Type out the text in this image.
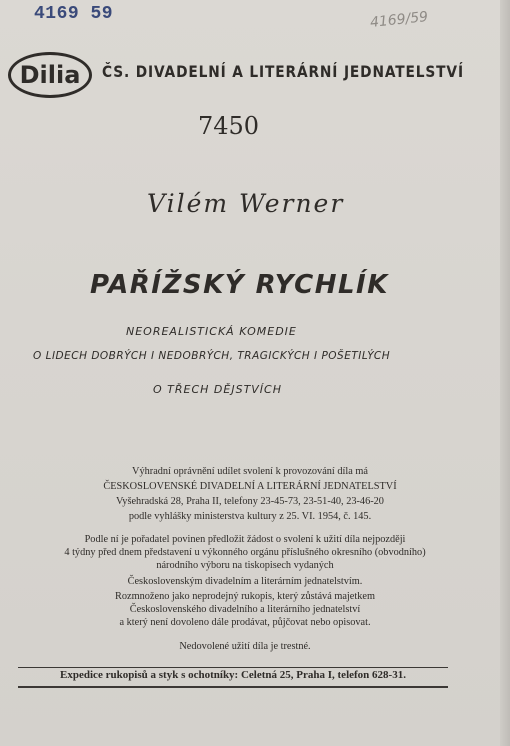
4169 59	4169/59
Dilia ČS. DIVADELNÍ A LITERÁRNÍ JEDNATELSTVÍ
7450
Vilém Werner
PAŘÍŽSKÝ RYCHLÍK
NEOREALISTICKÁ KOMEDIE
O LIDECH DOBRÝCH I NEDOBRÝCH, TRAGICKÝCH I POŠETILÝCH
O TŘECH DĚJSTVÍCH

Výhradní oprávnění udílet svolení k provozování díla má

ČESKOSLOVENSKÉ DIVADELNÍ A LITERÁRNÍ JEDNATELSTVÍ

Vyšehradská 28, Praha II, telefony 23-45-73, 23-51-40, 23-46-20

podle vyhlášky ministerstva kultury z 25. VI. 1954, č. 145.

Podle ní je pořadatel povinen předložit žádost o svolení k užití díla nejpozději

4 týdny před dnem představení u výkonného orgánu příslušného okresního (obvodního)

národního výboru na tiskopisech vydaných

Československým divadelním a literárním jednatelstvím.

Rozmnoženo jako neprodejný rukopis, který zůstává majetkem

Československého divadelního a literárního jednatelství

a který není dovoleno dále prodávat, půjčovat nebo opisovat.

Nedovolené užití díla je trestné.
Expedice rukopisů a styk s ochotníky: Celetná 25, Praha I, telefon 628-31.
